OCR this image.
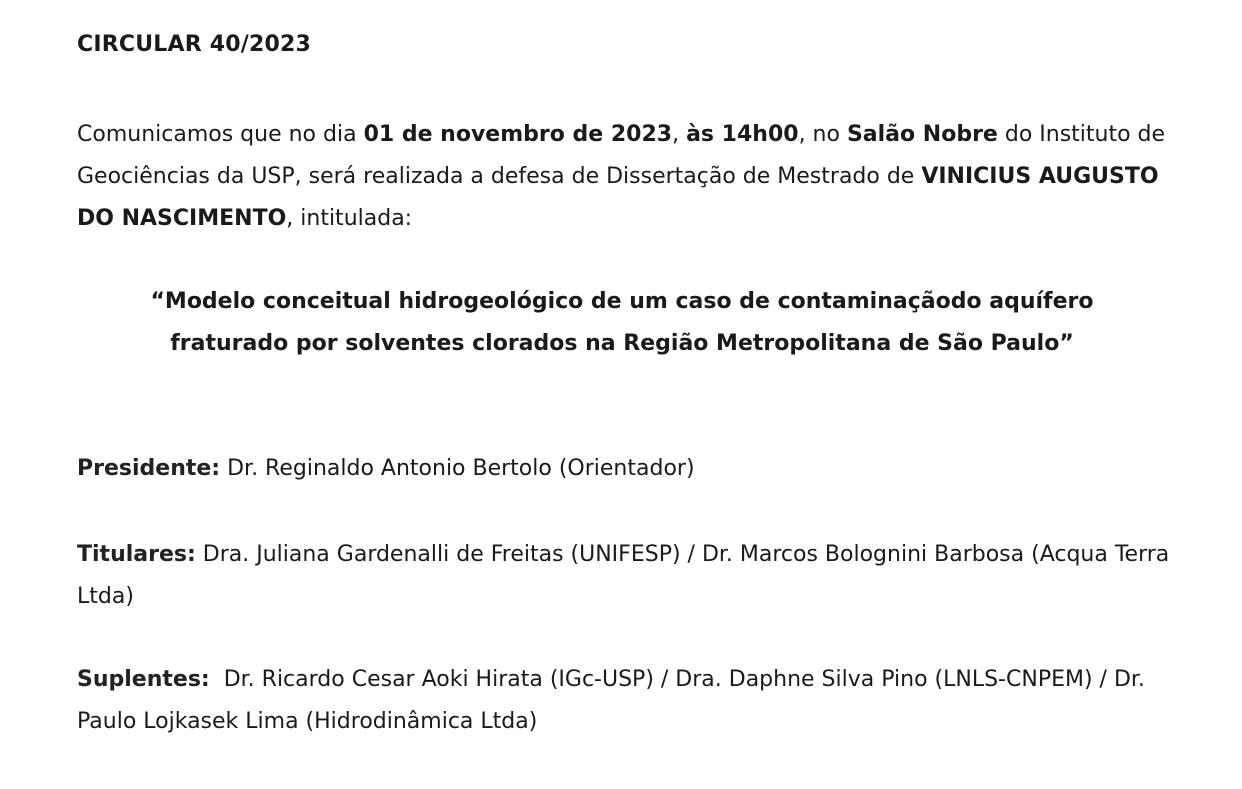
CIRCULAR 40/2023
Comunicamos que no dia 01 de novembro de 2023, às 14h00, no Salão Nobre do Instituto de Geociências da USP, será realizada a defesa de Dissertação de Mestrado de VINICIUS AUGUSTO DO NASCIMENTO, intitulada:
“Modelo conceitual hidrogeológico de um caso de contaminaçãodo aquífero
fraturado por solventes clorados na Região Metropolitana de São Paulo”
Presidente: Dr. Reginaldo Antonio Bertolo (Orientador)
Titulares: Dra. Juliana Gardenalli de Freitas (UNIFESP) / Dr. Marcos Bolognini Barbosa (Acqua Terra Ltda)
Suplentes:  Dr. Ricardo Cesar Aoki Hirata (IGc-USP) / Dra. Daphne Silva Pino (LNLS-CNPEM) / Dr. Paulo Lojkasek Lima (Hidrodinâmica Ltda)
